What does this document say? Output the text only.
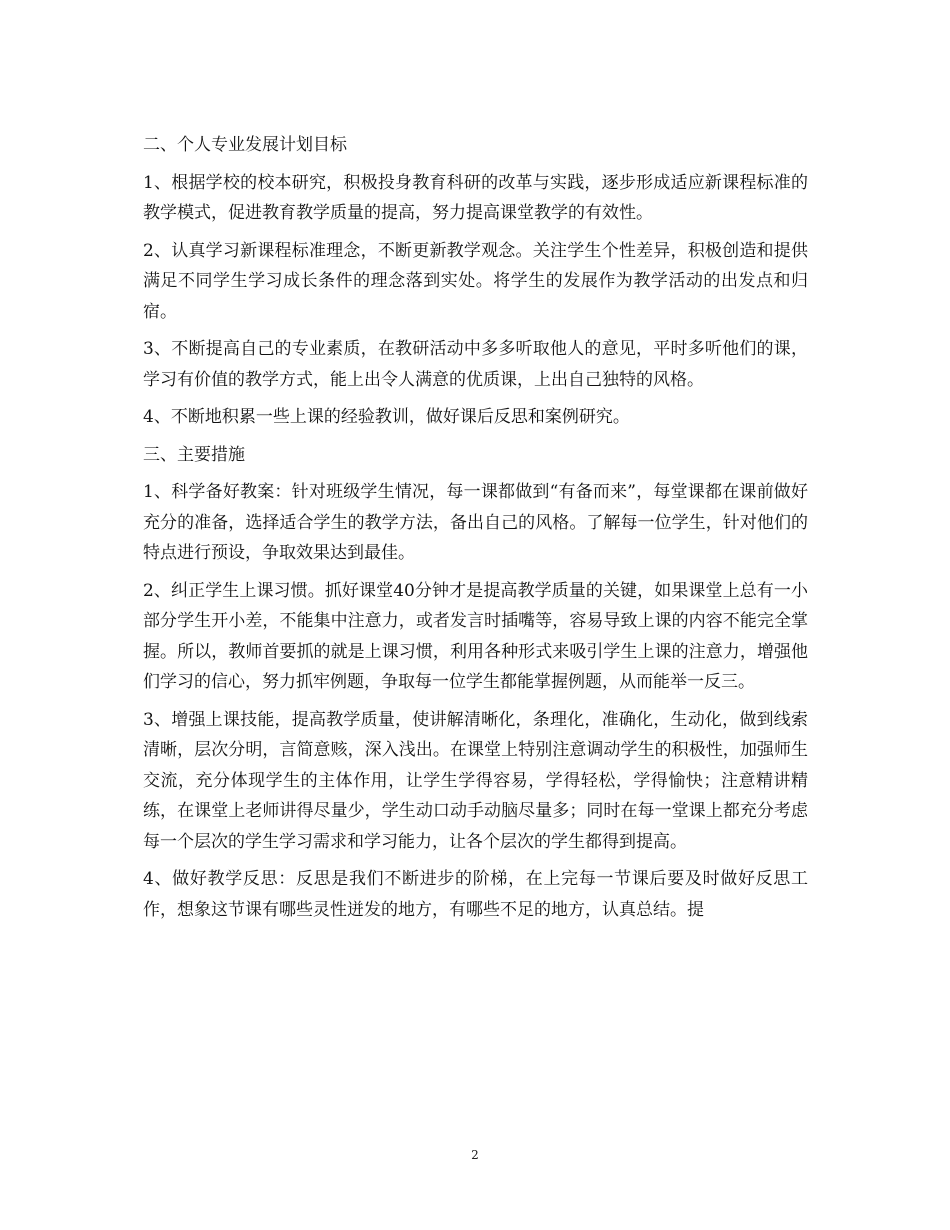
二、个人专业发展计划目标

1、根据学校的校本研究，积极投身教育科研的改革与实践，逐步形成适应新课程标准的教学模式，促进教育教学质量的提高，努力提高课堂教学的有效性。

2、认真学习新课程标准理念，不断更新教学观念。关注学生个性差异，积极创造和提供满足不同学生学习成长条件的理念落到实处。将学生的发展作为教学活动的出发点和归宿。

3、不断提高自己的专业素质，在教研活动中多多听取他人的意见，平时多听他们的课，学习有价值的教学方式，能上出令人满意的优质课，上出自己独特的风格。

4、不断地积累一些上课的经验教训，做好课后反思和案例研究。

三、主要措施

1、科学备好教案：针对班级学生情况，每一课都做到“有备而来”，每堂课都在课前做好充分的准备，选择适合学生的教学方法，备出自己的风格。了解每一位学生，针对他们的特点进行预设，争取效果达到最佳。

2、纠正学生上课习惯。抓好课堂40分钟才是提高教学质量的关键，如果课堂上总有一小部分学生开小差，不能集中注意力，或者发言时插嘴等，容易导致上课的内容不能完全掌握。所以，教师首要抓的就是上课习惯，利用各种形式来吸引学生上课的注意力，增强他们学习的信心，努力抓牢例题，争取每一位学生都能掌握例题，从而能举一反三。

3、增强上课技能，提高教学质量，使讲解清晰化，条理化，准确化，生动化，做到线索清晰，层次分明，言简意赅，深入浅出。在课堂上特别注意调动学生的积极性，加强师生交流，充分体现学生的主体作用，让学生学得容易，学得轻松，学得愉快；注意精讲精练，在课堂上老师讲得尽量少，学生动口动手动脑尽量多；同时在每一堂课上都充分考虑每一个层次的学生学习需求和学习能力，让各个层次的学生都得到提高。

4、做好教学反思：反思是我们不断进步的阶梯，在上完每一节课后要及时做好反思工作，想象这节课有哪些灵性迸发的地方，有哪些不足的地方，认真总结。提

2
